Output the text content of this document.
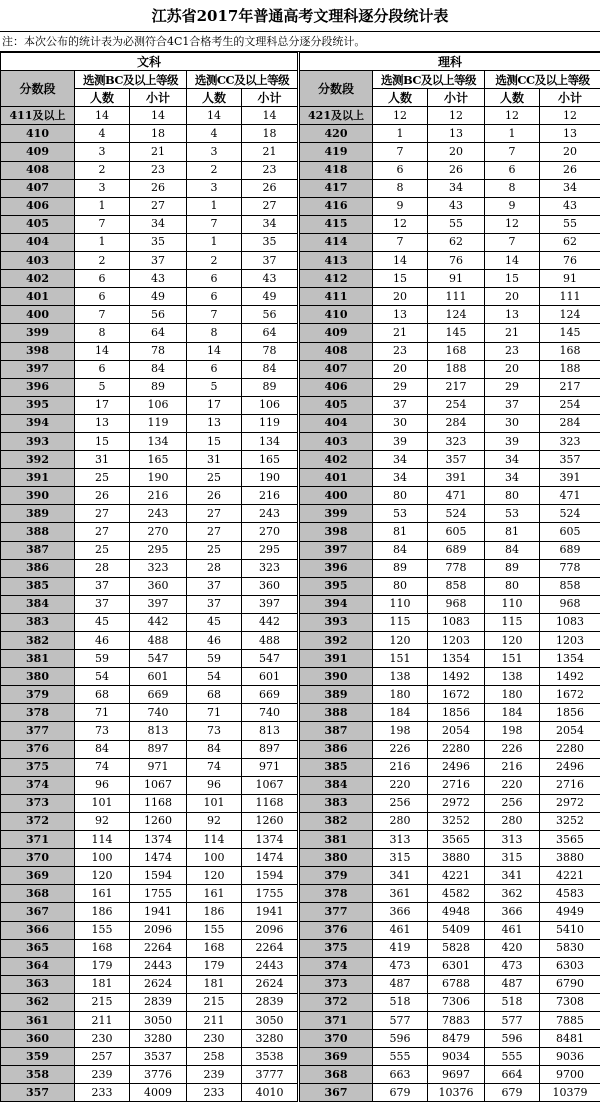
江苏省2017年普通高考文理科逐分段统计表
注：本次公布的统计表为必测符合4C1合格考生的文理科总分逐分段统计。
文科					理科				
分数段	选测BC及以上等级		选测CC及以上等级		分数段	选测BC及以上等级		选测CC及以上等级	
	人数	小计	人数	小计		人数	小计	人数	小计
411及以上	14	14	14	14	421及以上	12	12	12	12
410	4	18	4	18	420	1	13	1	13
409	3	21	3	21	419	7	20	7	20
408	2	23	2	23	418	6	26	6	26
407	3	26	3	26	417	8	34	8	34
406	1	27	1	27	416	9	43	9	43
405	7	34	7	34	415	12	55	12	55
404	1	35	1	35	414	7	62	7	62
403	2	37	2	37	413	14	76	14	76
402	6	43	6	43	412	15	91	15	91
401	6	49	6	49	411	20	111	20	111
400	7	56	7	56	410	13	124	13	124
399	8	64	8	64	409	21	145	21	145
398	14	78	14	78	408	23	168	23	168
397	6	84	6	84	407	20	188	20	188
396	5	89	5	89	406	29	217	29	217
395	17	106	17	106	405	37	254	37	254
394	13	119	13	119	404	30	284	30	284
393	15	134	15	134	403	39	323	39	323
392	31	165	31	165	402	34	357	34	357
391	25	190	25	190	401	34	391	34	391
390	26	216	26	216	400	80	471	80	471
389	27	243	27	243	399	53	524	53	524
388	27	270	27	270	398	81	605	81	605
387	25	295	25	295	397	84	689	84	689
386	28	323	28	323	396	89	778	89	778
385	37	360	37	360	395	80	858	80	858
384	37	397	37	397	394	110	968	110	968
383	45	442	45	442	393	115	1083	115	1083
382	46	488	46	488	392	120	1203	120	1203
381	59	547	59	547	391	151	1354	151	1354
380	54	601	54	601	390	138	1492	138	1492
379	68	669	68	669	389	180	1672	180	1672
378	71	740	71	740	388	184	1856	184	1856
377	73	813	73	813	387	198	2054	198	2054
376	84	897	84	897	386	226	2280	226	2280
375	74	971	74	971	385	216	2496	216	2496
374	96	1067	96	1067	384	220	2716	220	2716
373	101	1168	101	1168	383	256	2972	256	2972
372	92	1260	92	1260	382	280	3252	280	3252
371	114	1374	114	1374	381	313	3565	313	3565
370	100	1474	100	1474	380	315	3880	315	3880
369	120	1594	120	1594	379	341	4221	341	4221
368	161	1755	161	1755	378	361	4582	362	4583
367	186	1941	186	1941	377	366	4948	366	4949
366	155	2096	155	2096	376	461	5409	461	5410
365	168	2264	168	2264	375	419	5828	420	5830
364	179	2443	179	2443	374	473	6301	473	6303
363	181	2624	181	2624	373	487	6788	487	6790
362	215	2839	215	2839	372	518	7306	518	7308
361	211	3050	211	3050	371	577	7883	577	7885
360	230	3280	230	3280	370	596	8479	596	8481
359	257	3537	258	3538	369	555	9034	555	9036
358	239	3776	239	3777	368	663	9697	664	9700
357	233	4009	233	4010	367	679	10376	679	10379
